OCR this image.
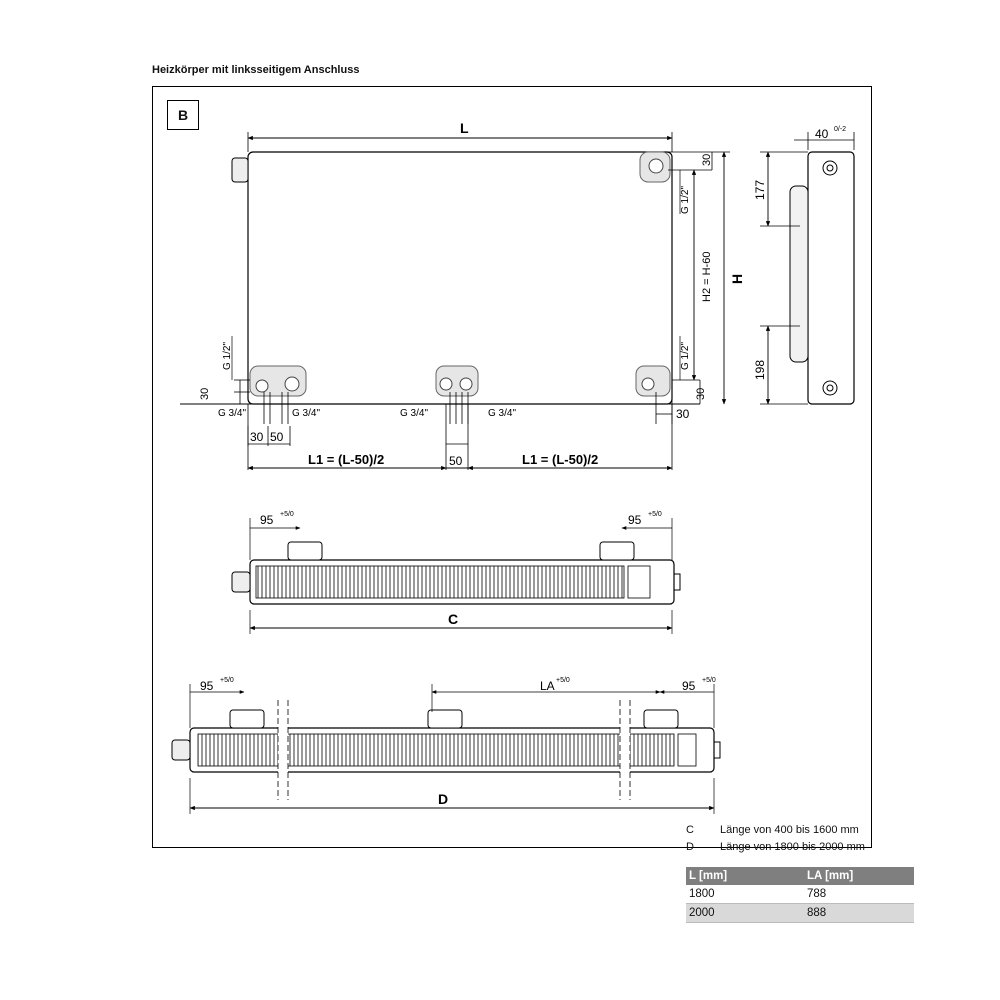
Heizkörper mit linksseitigem Anschluss
B
L
H
H2 = H-60
30
30
30
30
30 50
50
L1 = (L-50)/2	L1 = (L-50)/2
G 3/4"	G 3/4"	G 3/4"	G 3/4"
G 1/2"
G 1/2"
G 1/2"
40 0/-2
177
198
95 +5/0	95 +5/0
C
95 +5/0	LA +5/0	95 +5/0
D
C	Länge von 400 bis 1600 mm
D	Länge von 1800 bis 2000 mm
L [mm]	LA [mm]
1800	788
2000	888
